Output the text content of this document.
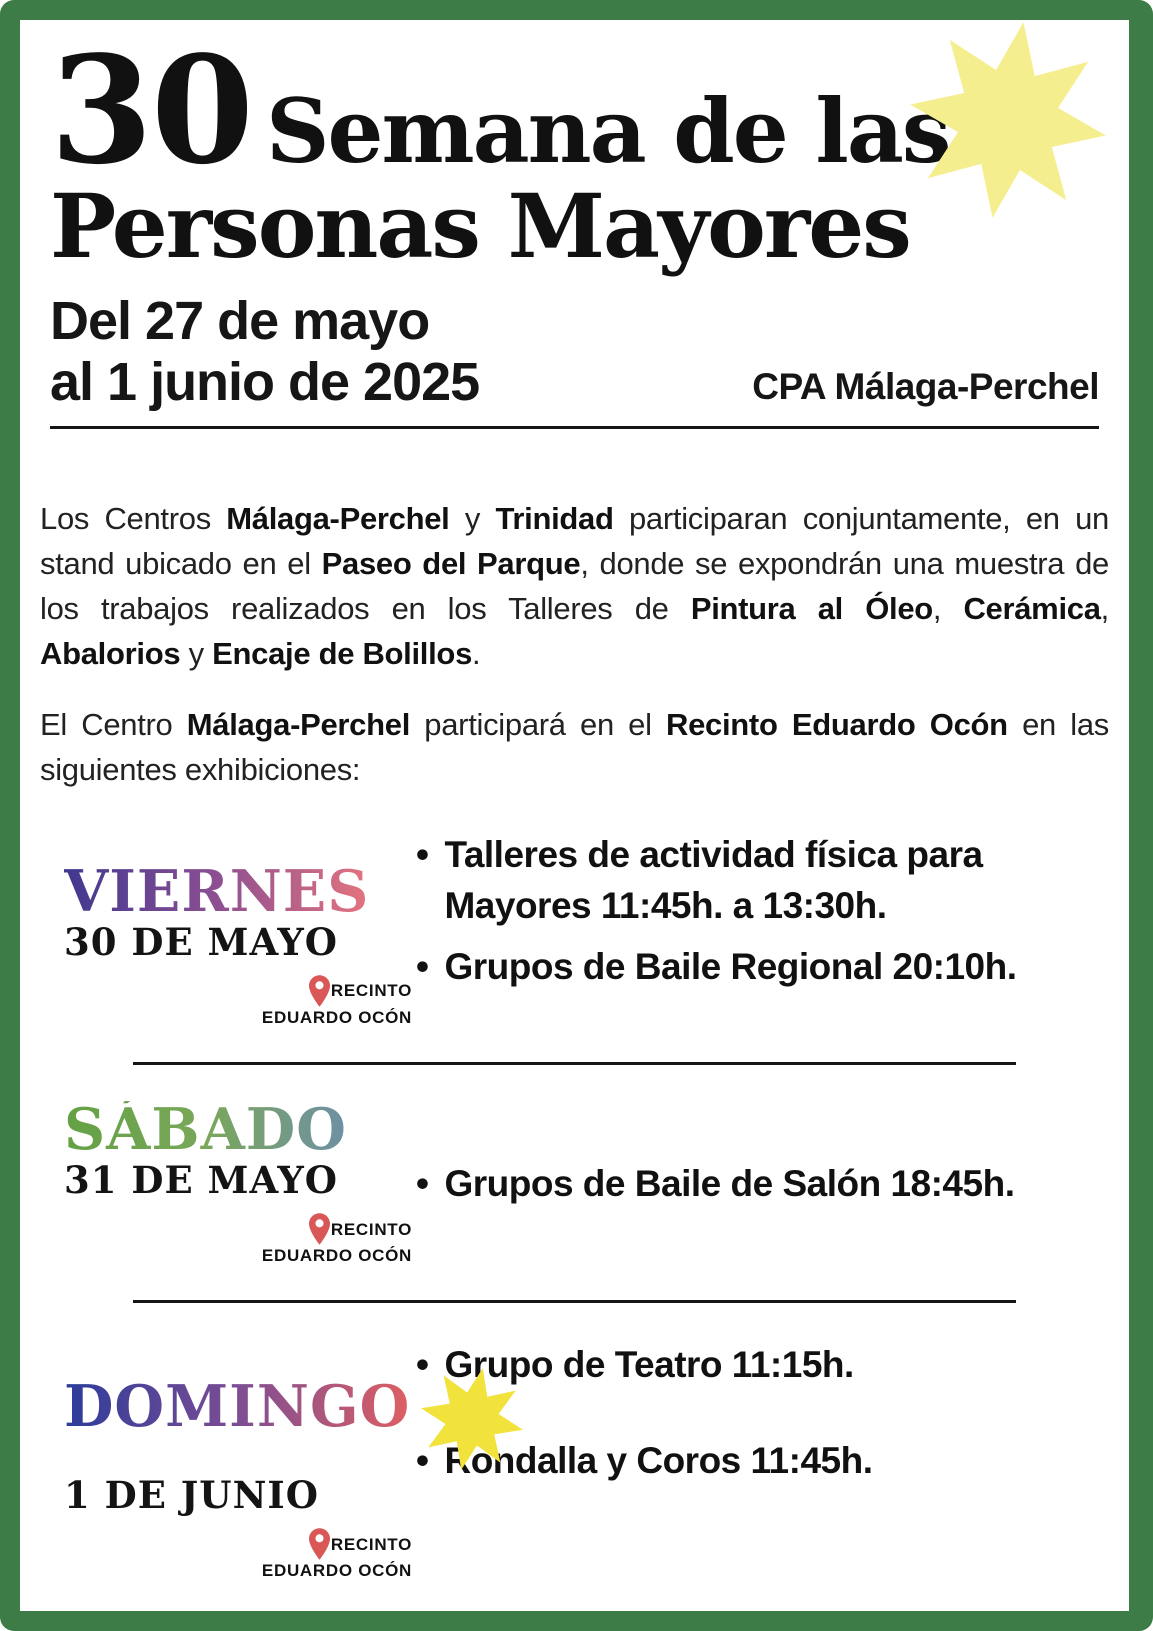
30 Semana de las
Personas Mayores
Del 27 de mayo
al 1 junio de 2025	CPA Málaga-Perchel

Los Centros Málaga-Perchel y Trinidad participaran conjuntamente, en un stand ubicado en el Paseo del Parque, donde se expondrán una muestra de los trabajos realizados en los Talleres de Pintura al Óleo, Cerámica, Abalorios y Encaje de Bolillos.

El Centro Málaga-Perchel participará en el Recinto Eduardo Ocón en las siguientes exhibiciones:

VIERNES
30 DE MAYO
RECINTO
EDUARDO OCÓN
• Talleres de actividad física para Mayores 11:45h. a 13:30h.
• Grupos de Baile Regional 20:10h.
SÁBADO
31 DE MAYO
RECINTO
EDUARDO OCÓN
• Grupos de Baile de Salón 18:45h.
DOMINGO
1 DE JUNIO
RECINTO
EDUARDO OCÓN
• Grupo de Teatro 11:15h.
• Rondalla y Coros 11:45h.
